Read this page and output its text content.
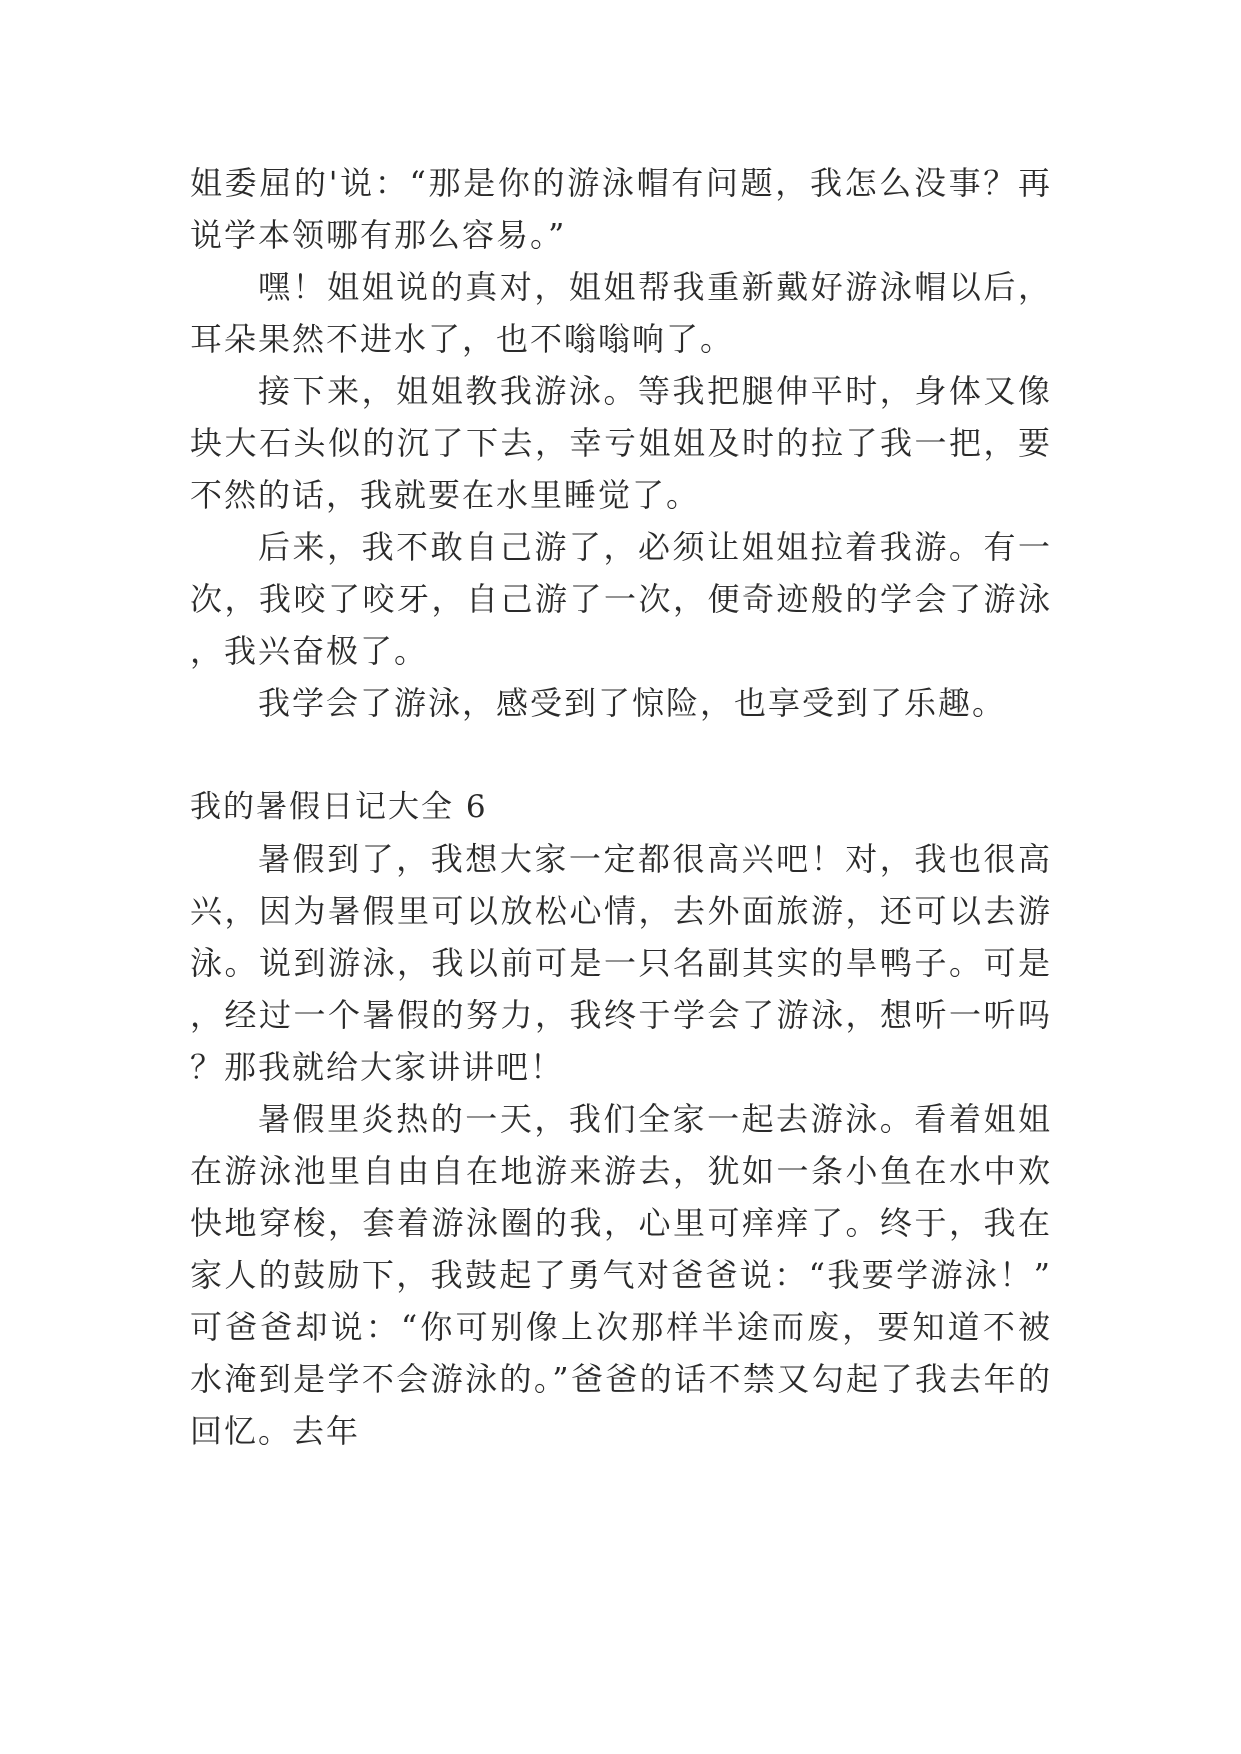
姐委屈的'说：“那是你的游泳帽有问题，我怎么没事？再说学本领哪有那么容易。”

嘿！姐姐说的真对，姐姐帮我重新戴好游泳帽以后，耳朵果然不进水了，也不嗡嗡响了。

接下来，姐姐教我游泳。等我把腿伸平时，身体又像块大石头似的沉了下去，幸亏姐姐及时的拉了我一把，要不然的话，我就要在水里睡觉了。

后来，我不敢自己游了，必须让姐姐拉着我游。有一次，我咬了咬牙，自己游了一次，便奇迹般的学会了游泳，我兴奋极了。

我学会了游泳，感受到了惊险，也享受到了乐趣。

我的暑假日记大全 6

暑假到了，我想大家一定都很高兴吧！对，我也很高兴，因为暑假里可以放松心情，去外面旅游，还可以去游泳。说到游泳，我以前可是一只名副其实的旱鸭子。可是，经过一个暑假的努力，我终于学会了游泳，想听一听吗？那我就给大家讲讲吧！

暑假里炎热的一天，我们全家一起去游泳。看着姐姐在游泳池里自由自在地游来游去，犹如一条小鱼在水中欢快地穿梭，套着游泳圈的我，心里可痒痒了。终于，我在家人的鼓励下，我鼓起了勇气对爸爸说：“我要学游泳！”可爸爸却说：“你可别像上次那样半途而废，要知道不被水淹到是学不会游泳的。”爸爸的话不禁又勾起了我去年的回忆。去年
